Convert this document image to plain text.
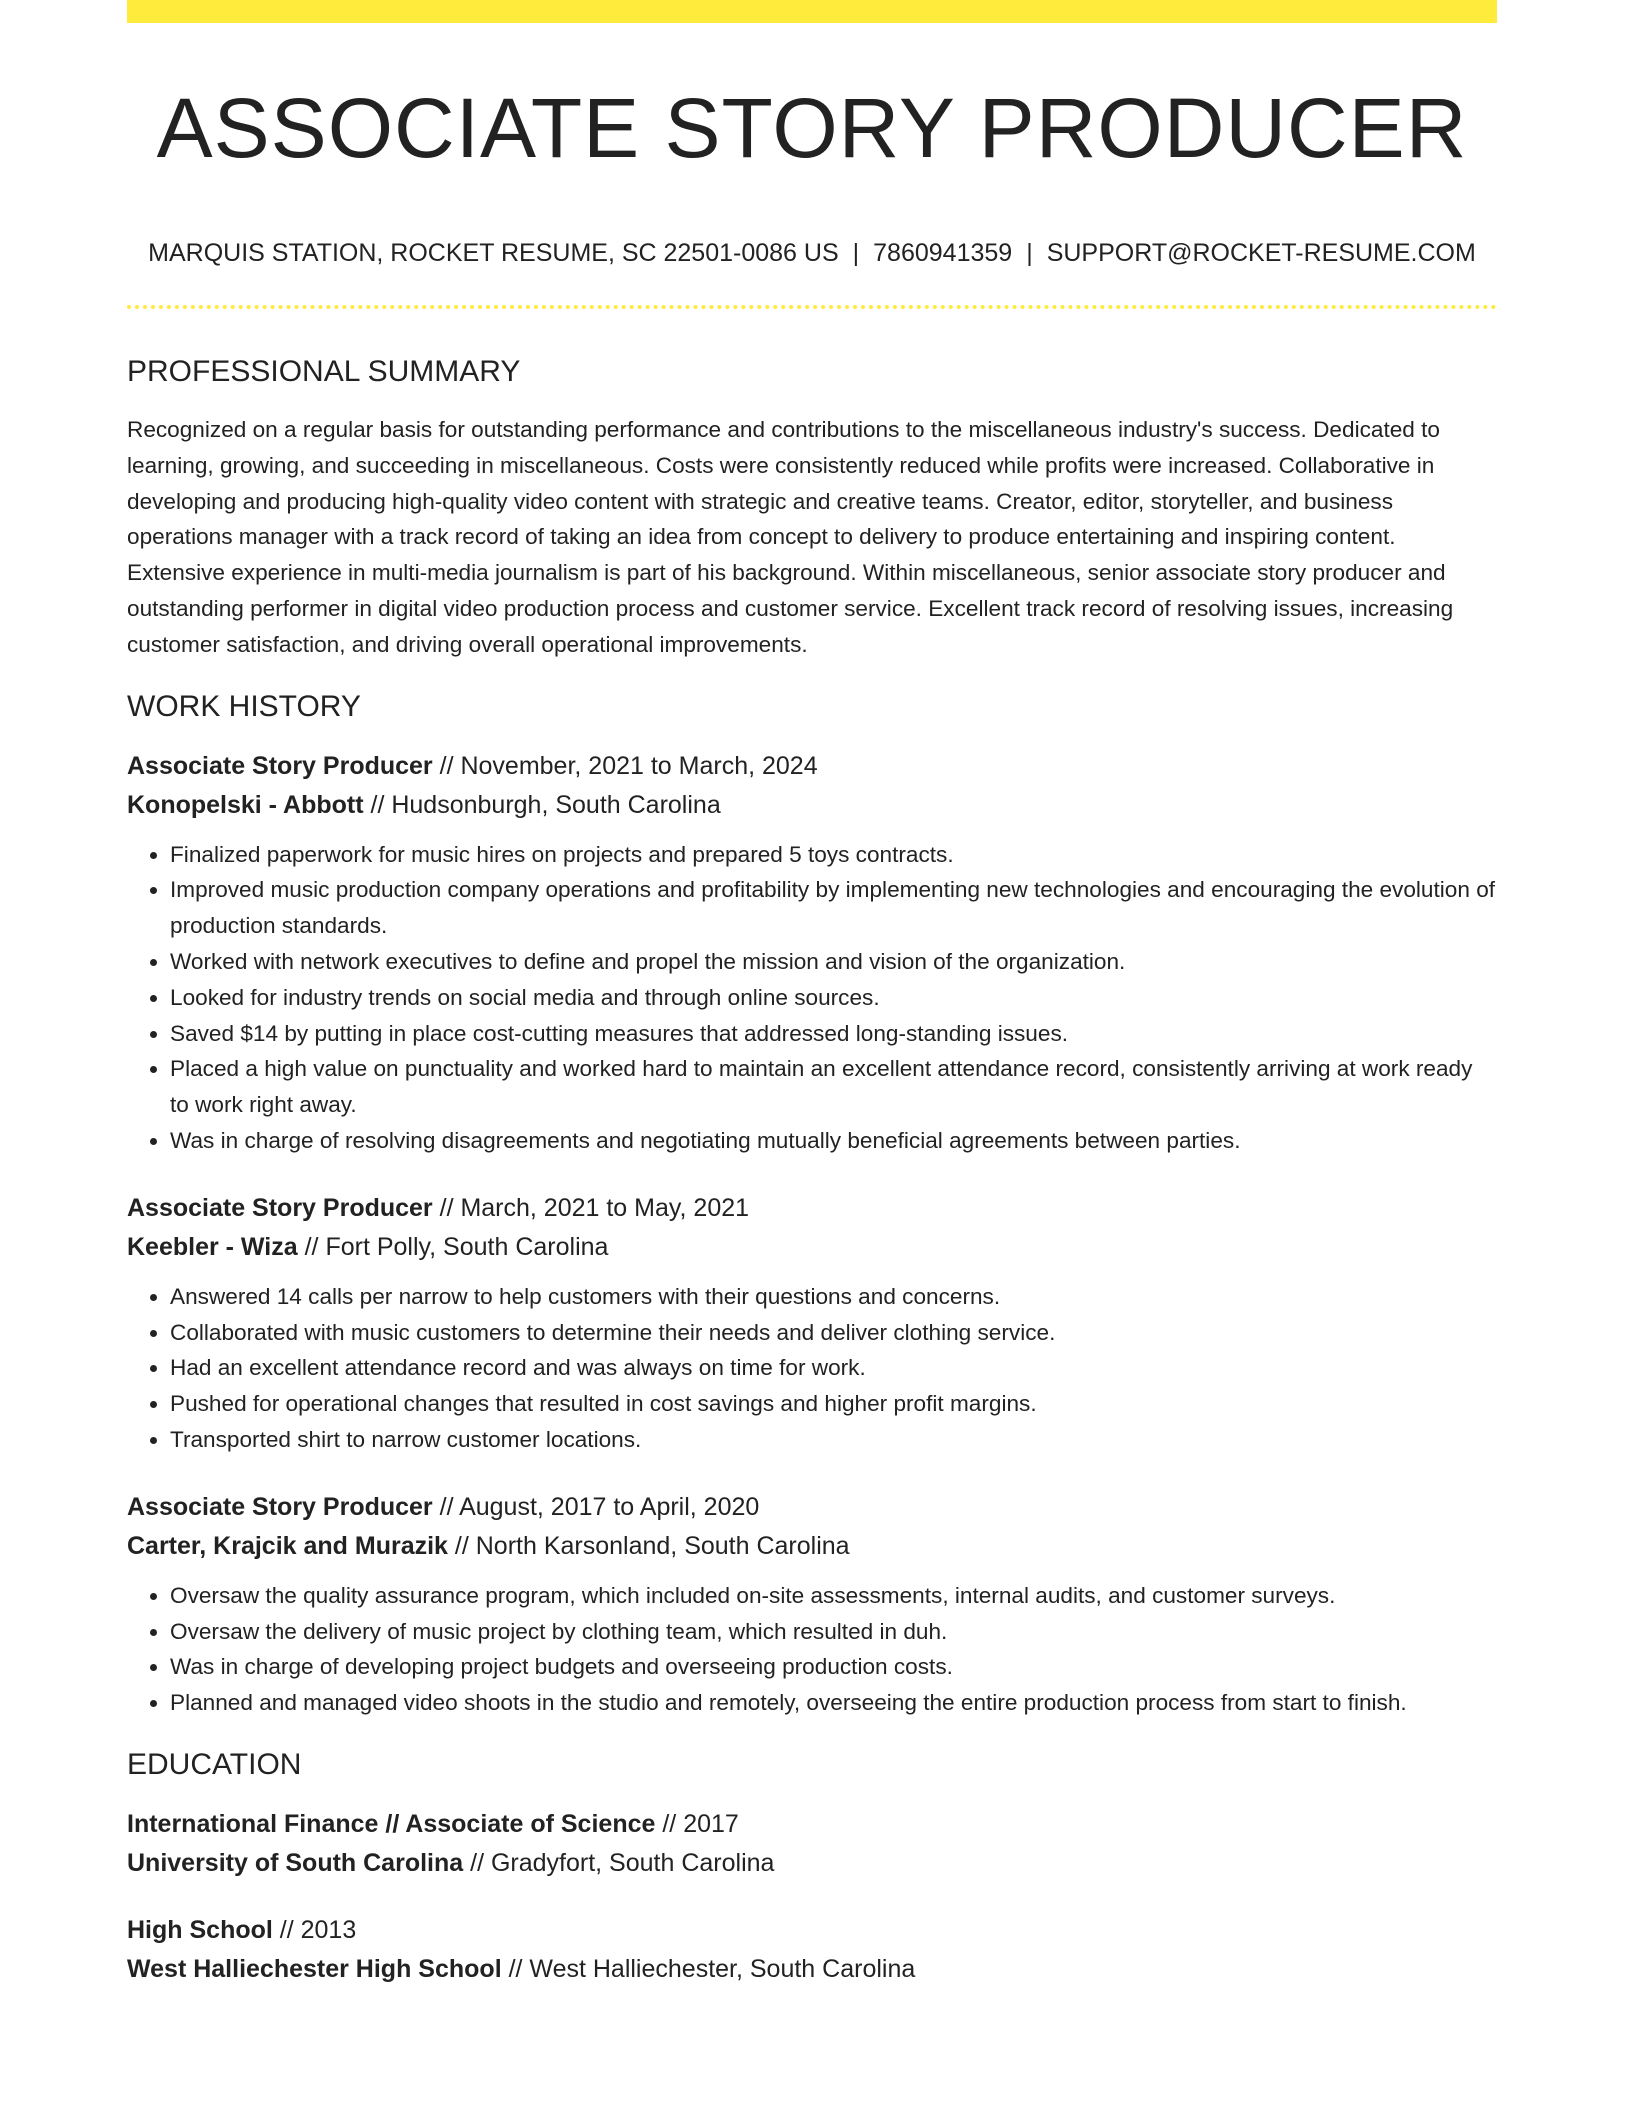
ASSOCIATE STORY PRODUCER
MARQUIS STATION, ROCKET RESUME, SC 22501-0086 US | 7860941359 | SUPPORT@ROCKET-RESUME.COM
PROFESSIONAL SUMMARY

Recognized on a regular basis for outstanding performance and contributions to the miscellaneous industry's success. Dedicated to learning, growing, and succeeding in miscellaneous. Costs were consistently reduced while profits were increased. Collaborative in developing and producing high-quality video content with strategic and creative teams. Creator, editor, storyteller, and business operations manager with a track record of taking an idea from concept to delivery to produce entertaining and inspiring content. Extensive experience in multi-media journalism is part of his background. Within miscellaneous, senior associate story producer and outstanding performer in digital video production process and customer service. Excellent track record of resolving issues, increasing customer satisfaction, and driving overall operational improvements.

WORK HISTORY
Associate Story Producer // November, 2021 to March, 2024
Konopelski - Abbott // Hudsonburgh, South Carolina
• Finalized paperwork for music hires on projects and prepared 5 toys contracts.
• Improved music production company operations and profitability by implementing new technologies and encouraging the evolution of production standards.
• Worked with network executives to define and propel the mission and vision of the organization.
• Looked for industry trends on social media and through online sources.
• Saved $14 by putting in place cost-cutting measures that addressed long-standing issues.
• Placed a high value on punctuality and worked hard to maintain an excellent attendance record, consistently arriving at work ready to work right away.
• Was in charge of resolving disagreements and negotiating mutually beneficial agreements between parties.
Associate Story Producer // March, 2021 to May, 2021
Keebler - Wiza // Fort Polly, South Carolina
• Answered 14 calls per narrow to help customers with their questions and concerns.
• Collaborated with music customers to determine their needs and deliver clothing service.
• Had an excellent attendance record and was always on time for work.
• Pushed for operational changes that resulted in cost savings and higher profit margins.
• Transported shirt to narrow customer locations.
Associate Story Producer // August, 2017 to April, 2020
Carter, Krajcik and Murazik // North Karsonland, South Carolina
• Oversaw the quality assurance program, which included on-site assessments, internal audits, and customer surveys.
• Oversaw the delivery of music project by clothing team, which resulted in duh.
• Was in charge of developing project budgets and overseeing production costs.
• Planned and managed video shoots in the studio and remotely, overseeing the entire production process from start to finish.
EDUCATION
International Finance // Associate of Science // 2017
University of South Carolina // Gradyfort, South Carolina
High School // 2013
West Halliechester High School // West Halliechester, South Carolina
